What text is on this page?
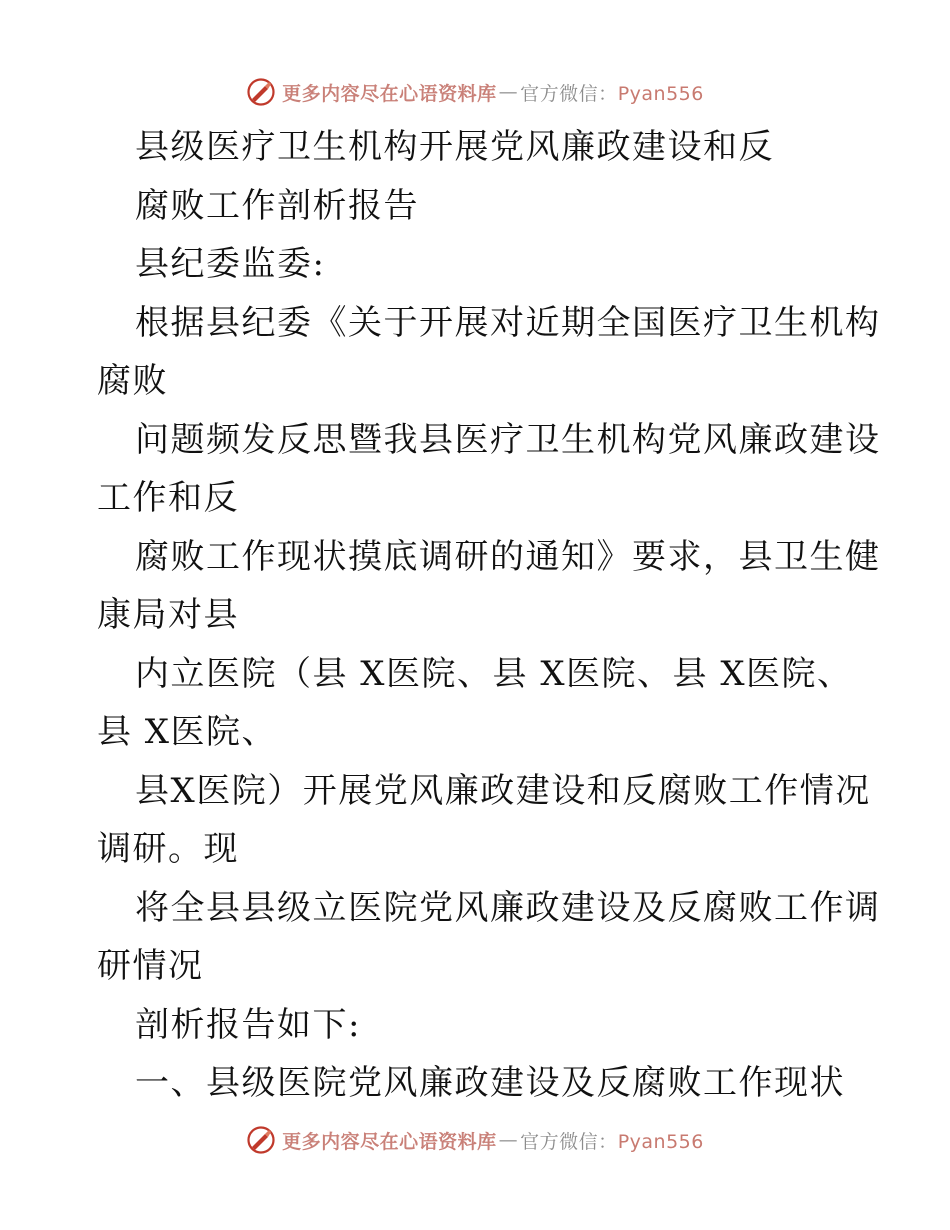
更多内容尽在心语资料库 — 官方微信：Pyan556

县级医疗卫生机构开展党风廉政建设和反

腐败工作剖析报告

县纪委监委:

根据县纪委《关于开展对近期全国医疗卫生机构

腐败

问题频发反思暨我县医疗卫生机构党风廉政建设

工作和反

腐败工作现状摸底调研的通知》要求，县卫生健

康局对县

内立医院（县 X医院、县 X医院、县 X医院、

县 X医院、

县X医院）开展党风廉政建设和反腐败工作情况

调研。现

将全县县级立医院党风廉政建设及反腐败工作调

研情况

剖析报告如下:

一、县级医院党风廉政建设及反腐败工作现状

更多内容尽在心语资料库 — 官方微信：Pyan556
